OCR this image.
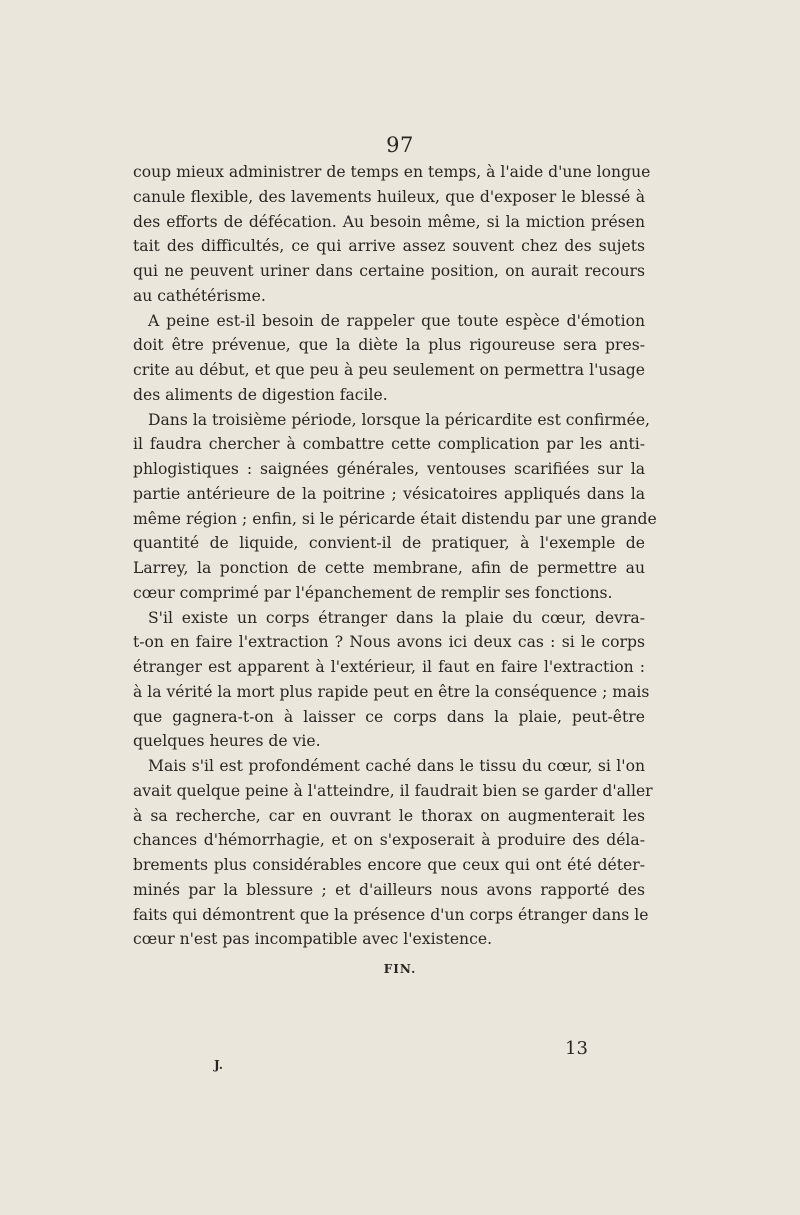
97
coup mieux administrer de temps en temps, à l'aide d'une longue
canule flexible, des lavements huileux, que d'exposer le blessé à
des efforts de défécation. Au besoin même, si la miction présen
tait des difficultés, ce qui arrive assez souvent chez des sujets
qui ne peuvent uriner dans certaine position, on aurait recours
au cathétérisme.
A peine est-il besoin de rappeler que toute espèce d'émotion
doit être prévenue, que la diète la plus rigoureuse sera pres-
crite au début, et que peu à peu seulement on permettra l'usage
des aliments de digestion facile.
Dans la troisième période, lorsque la péricardite est confirmée,
il faudra chercher à combattre cette complication par les anti-
phlogistiques : saignées générales, ventouses scarifiées sur la
partie antérieure de la poitrine ; vésicatoires appliqués dans la
même région ; enfin, si le péricarde était distendu par une grande
quantité de liquide, convient-il de pratiquer, à l'exemple de
Larrey, la ponction de cette membrane, afin de permettre au
cœur comprimé par l'épanchement de remplir ses fonctions.
S'il existe un corps étranger dans la plaie du cœur, devra-
t-on en faire l'extraction ? Nous avons ici deux cas : si le corps
étranger est apparent à l'extérieur, il faut en faire l'extraction :
à la vérité la mort plus rapide peut en être la conséquence ; mais
que gagnera-t-on à laisser ce corps dans la plaie, peut-être
quelques heures de vie.
Mais s'il est profondément caché dans le tissu du cœur, si l'on
avait quelque peine à l'atteindre, il faudrait bien se garder d'aller
à sa recherche, car en ouvrant le thorax on augmenterait les
chances d'hémorrhagie, et on s'exposerait à produire des déla-
brements plus considérables encore que ceux qui ont été déter-
minés par la blessure ; et d'ailleurs nous avons rapporté des
faits qui démontrent que la présence d'un corps étranger dans le
cœur n'est pas incompatible avec l'existence.
FIN.
J.
13
